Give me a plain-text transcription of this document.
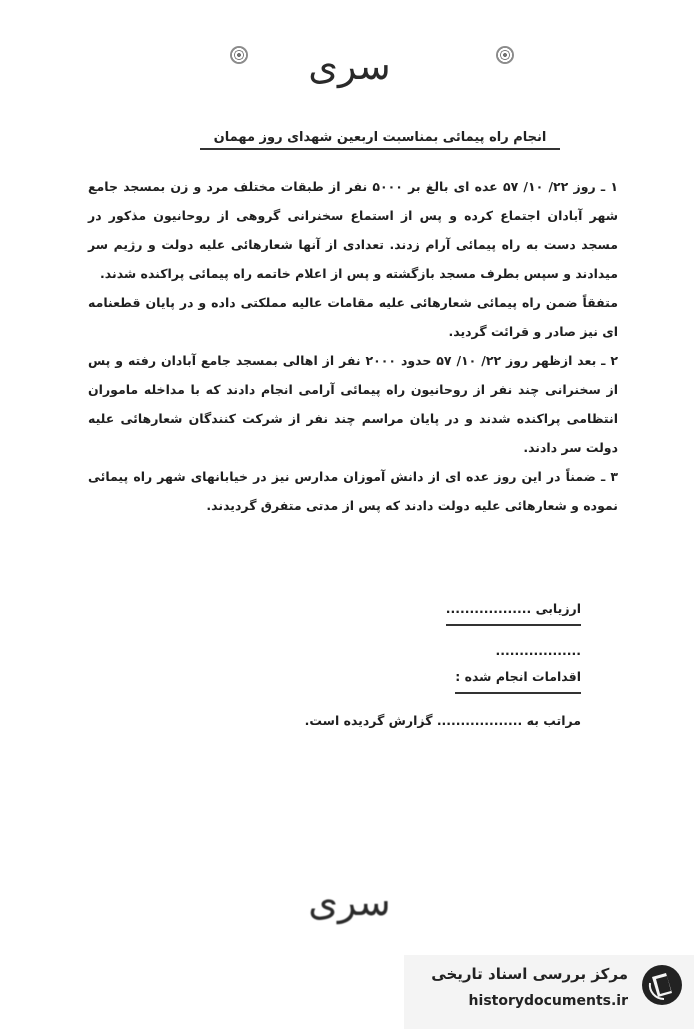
سری
انجام راه پیمائی بمناسبت اربعین شهدای روز مهمان

۱ ـ روز ۲۲/ ۱۰/ ۵۷ عده ای بالغ بر ۵۰۰۰ نفر از طبقات مختلف مرد و زن بمسجد جامع شهر آبادان اجتماع کرده و پس از استماع سخنرانی گروهی از روحانیون مذکور در مسجد دست به راه پیمائی آرام زدند. تعدادی از آنها شعارهائی علیه دولت و رژیم سر میدادند و سپس بطرف مسجد بازگشته و پس از اعلام خاتمه راه پیمائی پراکنده شدند.

متفقاً ضمن راه پیمائی شعارهائی علیه مقامات عالیه مملکتی داده و در پایان قطعنامه ای نیز صادر و قرائت گردید.

۲ ـ بعد ازظهر روز ۲۲/ ۱۰/ ۵۷ حدود ۲۰۰۰ نفر از اهالی بمسجد جامع آبادان رفته و پس از سخنرانی چند نفر از روحانیون راه پیمائی آرامی انجام دادند که با مداخله ماموران انتظامی پراکنده شدند و در پایان مراسم چند نفر از شرکت کنندگان شعارهائی علیه دولت سر دادند.

۳ ـ ضمناً در این روز عده ای از دانش آموزان مدارس نیز در خیابانهای شهر راه پیمائی نموده و شعارهائی علیه دولت دادند که پس از مدتی متفرق گردیدند.

ارزیابی ..................

..................

اقدامات انجام شده :

مراتب به .................. گزارش گردیده است.

سری
مرکز بررسی اسناد تاریخی
historydocuments.ir
